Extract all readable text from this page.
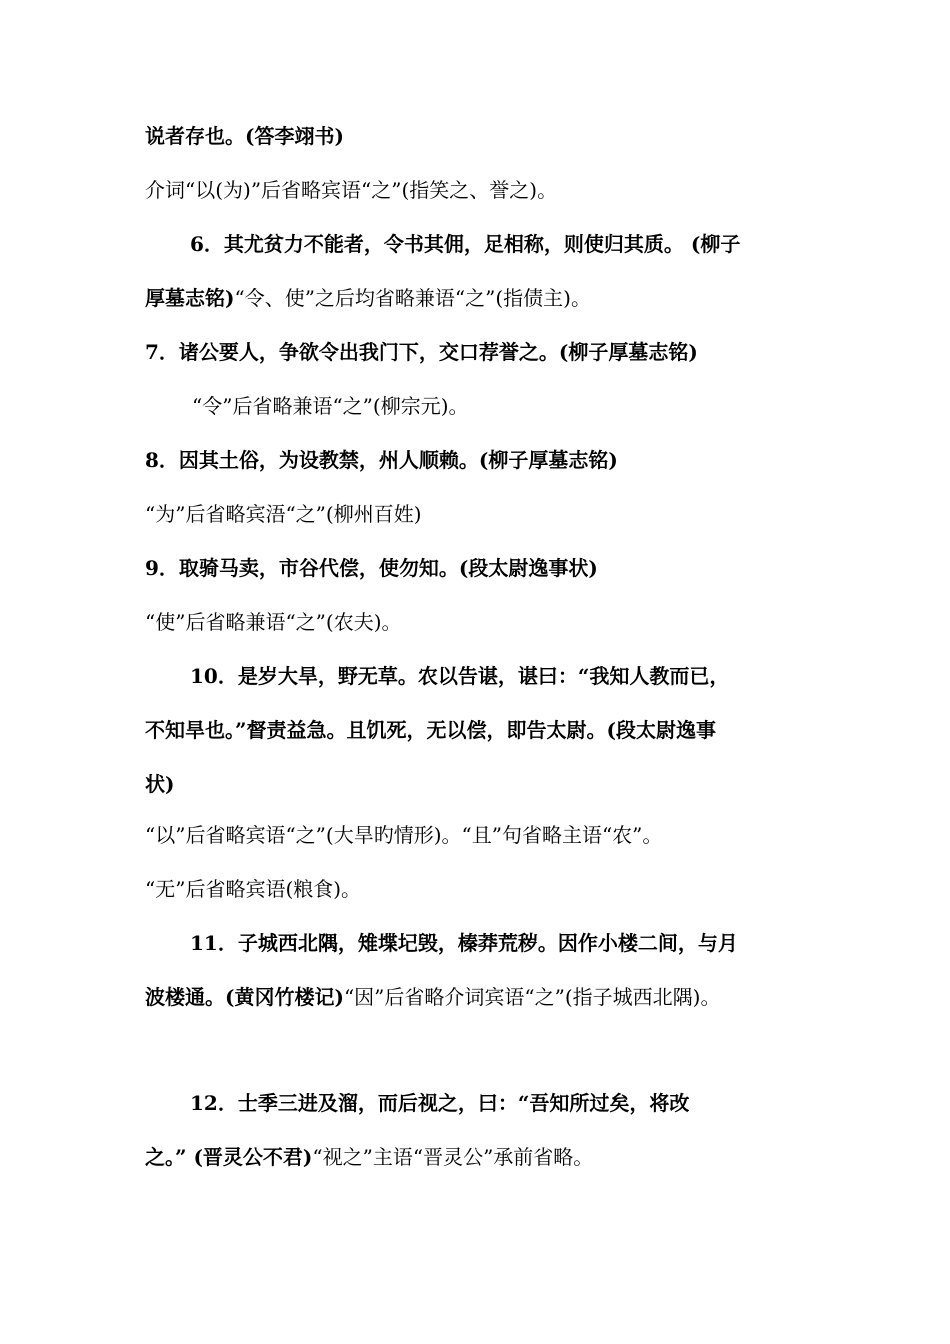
说者存也。(答李翊书)
介词“以(为)”后省略宾语“之”(指笑之、誉之)。
6．其尤贫力不能者，令书其佣，足相称，则使归其质。 (柳子
厚墓志铭)“令、使”之后均省略兼语“之”(指债主)。
7．诸公要人，争欲令出我门下，交口荐誉之。(柳子厚墓志铭)
“令”后省略兼语“之”(柳宗元)。
8．因其土俗，为设教禁，州人顺赖。(柳子厚墓志铭)
“为”后省略宾浯“之”(柳州百姓)
9．取骑马卖，市谷代偿，使勿知。(段太尉逸事状)
“使”后省略兼语“之”(农夫)。
10．是岁大旱，野无草。农以告谌，谌曰：“我知人教而已，
不知旱也。”督责益急。且饥死，无以偿，即告太尉。(段太尉逸事
状)
“以”后省略宾语“之”(大旱旳情形)。“且”句省略主语“农”。
“无”后省略宾语(粮食)。
11．子城西北隅，雉堞圮毁，榛莽荒秽。因作小楼二间，与月
波楼通。(黄冈竹楼记)“因”后省略介词宾语“之”(指子城西北隅)。
12．士季三进及溜，而后视之，曰：“吾知所过矣，将改
之。” (晋灵公不君)“视之”主语“晋灵公”承前省略。
